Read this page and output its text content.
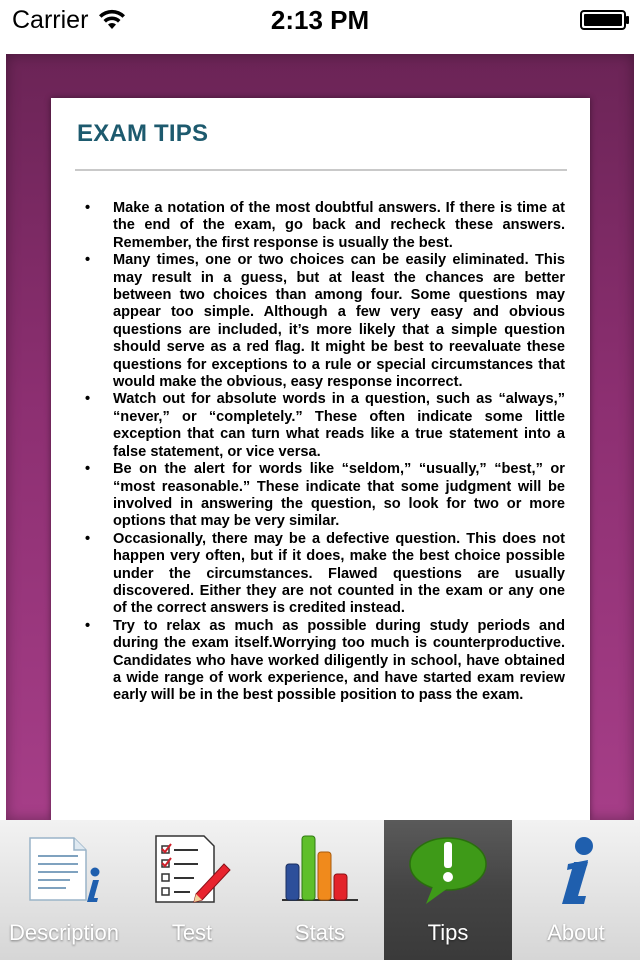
Carrier	2:13 PM
EXAM TIPS
•	Make a notation of the most doubtful answers. If there is time at the end of the exam, go back and recheck these answers. Remember, the first response is usually the best.
•	Many times, one or two choices can be easily eliminated. This may result in a guess, but at least the chances are better between two choices than among four. Some questions may appear too simple. Although a few very easy and obvious questions are included, it’s more likely that a simple question should serve as a red flag. It might be best to reevaluate these questions for exceptions to a rule or special circumstances that would make the obvious, easy response incorrect.
•	Watch out for absolute words in a question, such as “always,” “never,” or “completely.” These often indicate some little exception that can turn what reads like a true statement into a false statement, or vice versa.
•	Be on the alert for words like “seldom,” “usually,” “best,” or “most reasonable.” These indicate that some judgment will be involved in answering the question, so look for two or more options that may be very similar.
•	Occasionally, there may be a defective question. This does not happen very often, but if it does, make the best choice possible under the circumstances. Flawed questions are usually discovered. Either they are not counted in the exam or any one of the correct answers is credited instead.
•	Try to relax as much as possible during study periods and during the exam itself.Worrying too much is counterproductive. Candidates who have worked diligently in school, have obtained a wide range of work experience, and have started exam review early will be in the best possible position to pass the exam.
Description	Test	Stats	Tips	About
